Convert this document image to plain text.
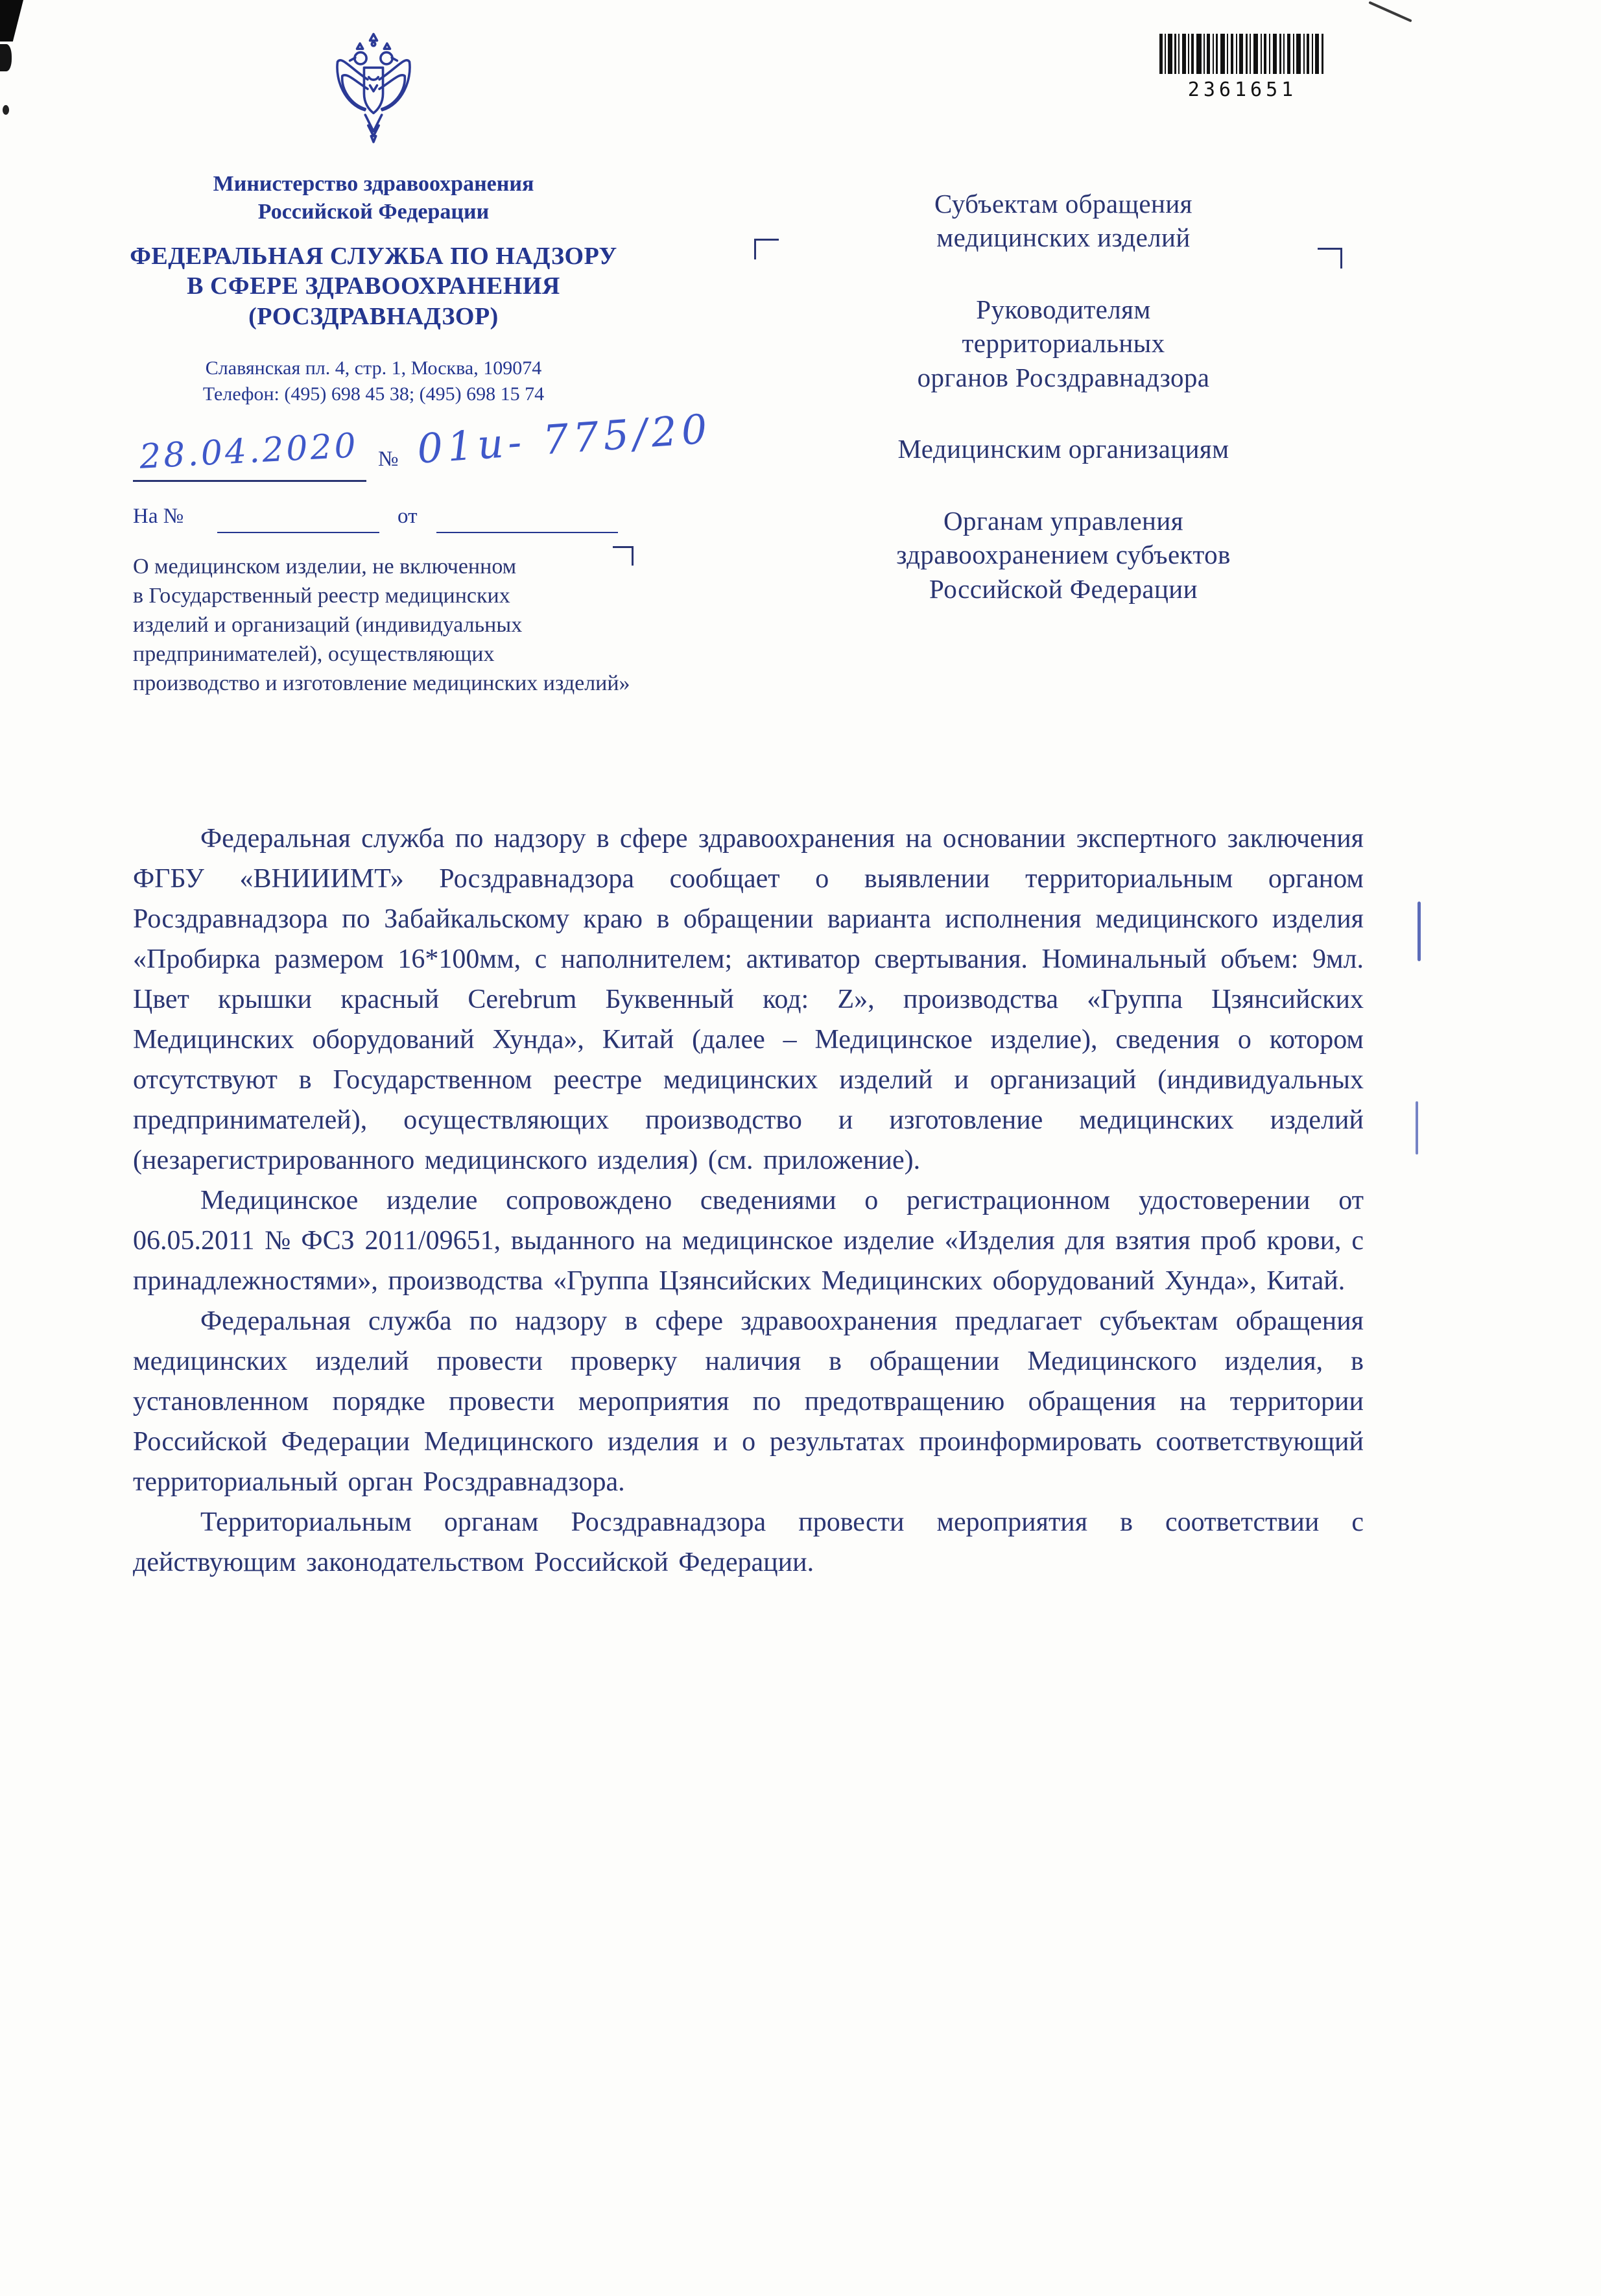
Министерство здравоохранения
Российской Федерации
ФЕДЕРАЛЬНАЯ СЛУЖБА ПО НАДЗОРУ
В СФЕРЕ ЗДРАВООХРАНЕНИЯ
(РОСЗДРАВНАДЗОР)
Славянская пл. 4, стр. 1, Москва, 109074
Телефон: (495) 698 45 38; (495) 698 15 74
28.04.2020 № 01и- 775/20
На №	от
О медицинском изделии, не включенном
в Государственный реестр медицинских
изделий и организаций (индивидуальных
предпринимателей), осуществляющих
производство и изготовление медицинских изделий»
2361651
Субъектам обращения
медицинских изделий
Руководителям
территориальных
органов Росздравнадзора
Медицинским организациям
Органам управления
здравоохранением субъектов
Российской Федерации

Федеральная служба по надзору в сфере здравоохранения на основании экспертного заключения ФГБУ «ВНИИИМТ» Росздравнадзора сообщает о выявлении территориальным органом Росздравнадзора по Забайкальскому краю в обращении варианта исполнения медицинского изделия «Пробирка размером 16*100мм, с наполнителем; активатор свертывания. Номинальный объем: 9мл. Цвет крышки красный Cerebrum Буквенный код: Z», производства «Группа Цзянсийских Медицинских оборудований Хунда», Китай (далее – Медицинское изделие), сведения о котором отсутствуют в Государственном реестре медицинских изделий и организаций (индивидуальных предпринимателей), осуществляющих производство и изготовление медицинских изделий (незарегистрированного медицинского изделия) (см. приложение).

Медицинское изделие сопровождено сведениями о регистрационном удостоверении от 06.05.2011 № ФСЗ 2011/09651, выданного на медицинское изделие «Изделия для взятия проб крови, с принадлежностями», производства «Группа Цзянсийских Медицинских оборудований Хунда», Китай.

Федеральная служба по надзору в сфере здравоохранения предлагает субъектам обращения медицинских изделий провести проверку наличия в обращении Медицинского изделия, в установленном порядке провести мероприятия по предотвращению обращения на территории Российской Федерации Медицинского изделия и о результатах проинформировать соответствующий территориальный орган Росздравнадзора.

Территориальным органам Росздравнадзора провести мероприятия в соответствии с действующим законодательством Российской Федерации.
